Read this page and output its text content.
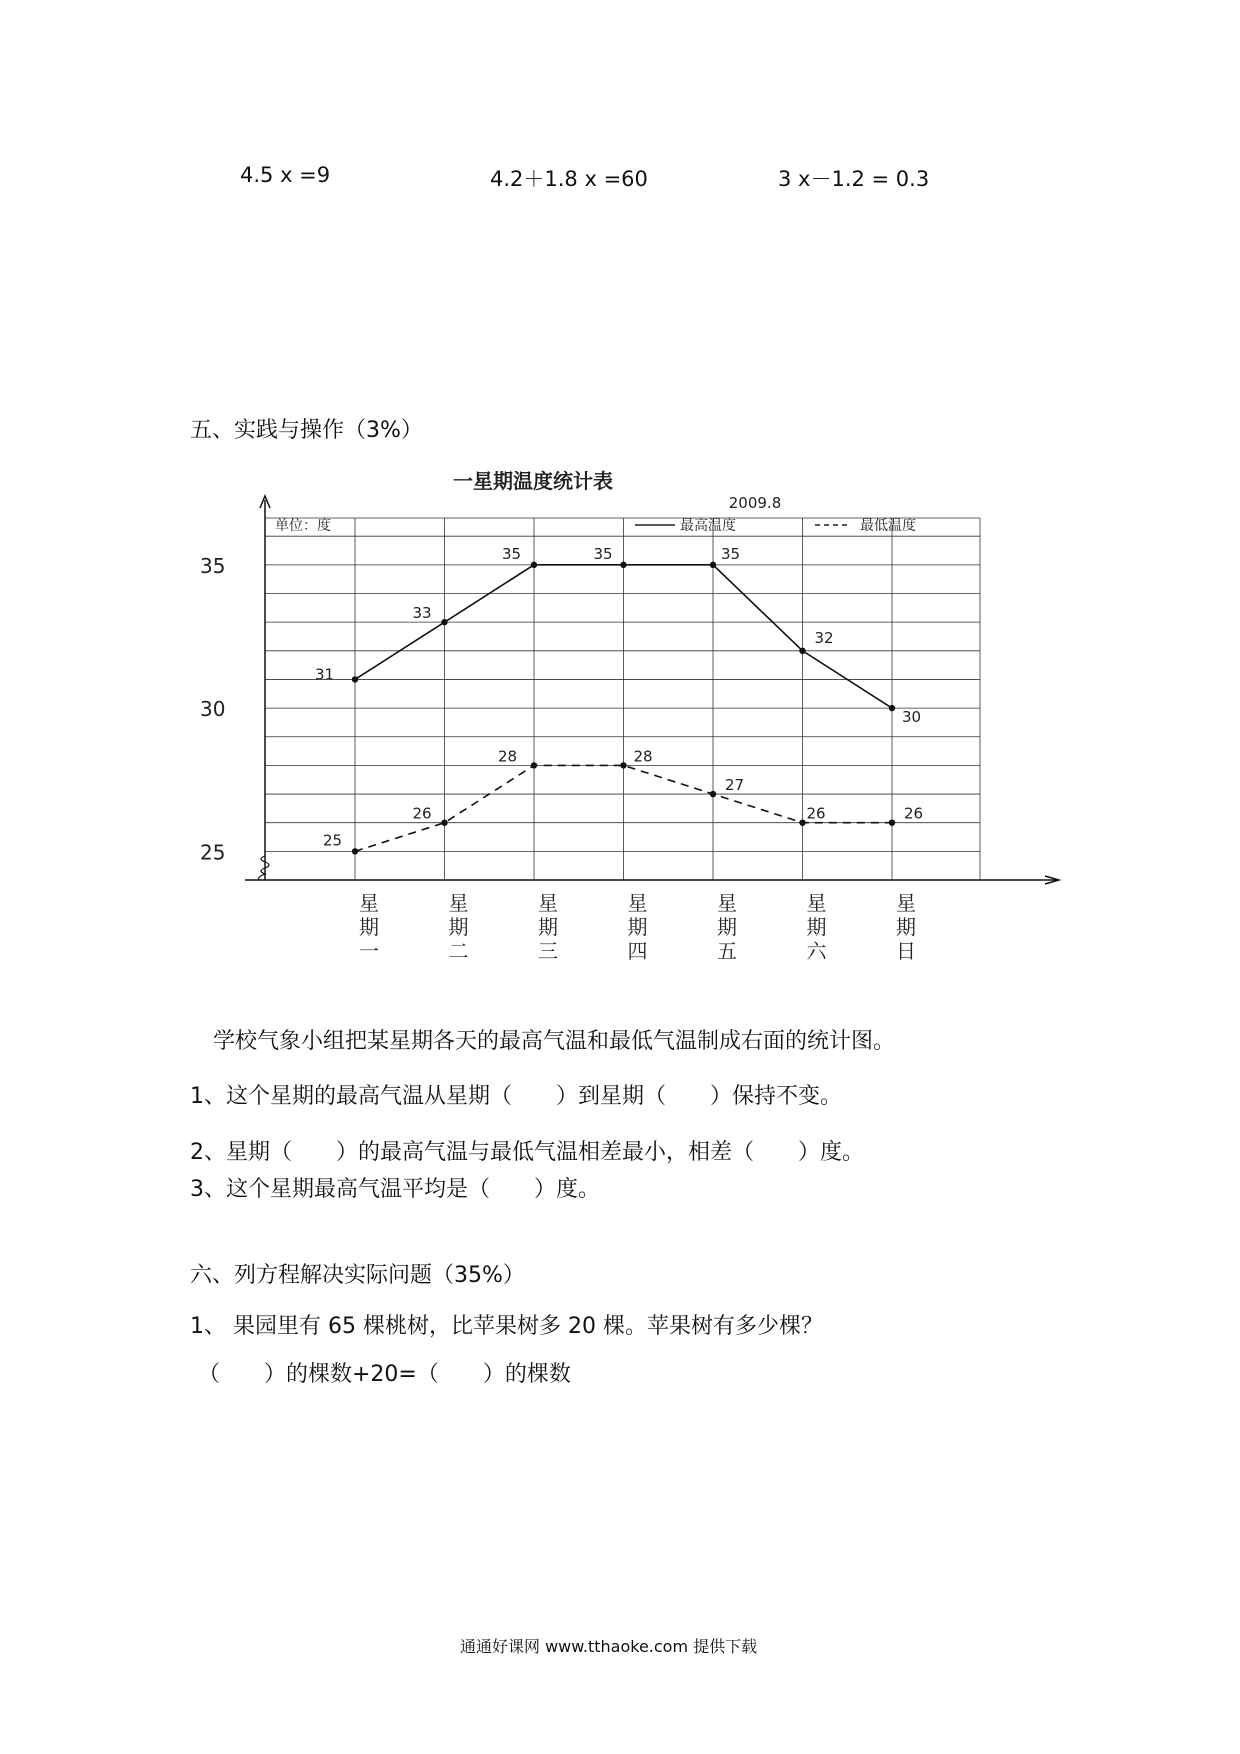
4.5 x =9	4.2＋1.8 x =60	3 x－1.2 = 0.3
五、实践与操作（3%）
一星期温度统计表
2009.8
单位：度	最高温度	最低温度
25
30
35
星期一
星期二
星期三
星期四
星期五
星期六
星期日
31
33
35	35	35
32
30
25
26
28	28
27
26	26
学校气象小组把某星期各天的最高气温和最低气温制成右面的统计图。
1、这个星期的最高气温从星期（　　）到星期（　　）保持不变。
2、星期（　　）的最高气温与最低气温相差最小，相差（　　）度。
3、这个星期最高气温平均是（　　）度。
六、列方程解决实际问题（35%）
1、 果园里有 65 棵桃树，比苹果树多 20 棵。苹果树有多少棵？
（　　）的棵数+20=（　　）的棵数
通通好课网 www.tthaoke.com 提供下载
